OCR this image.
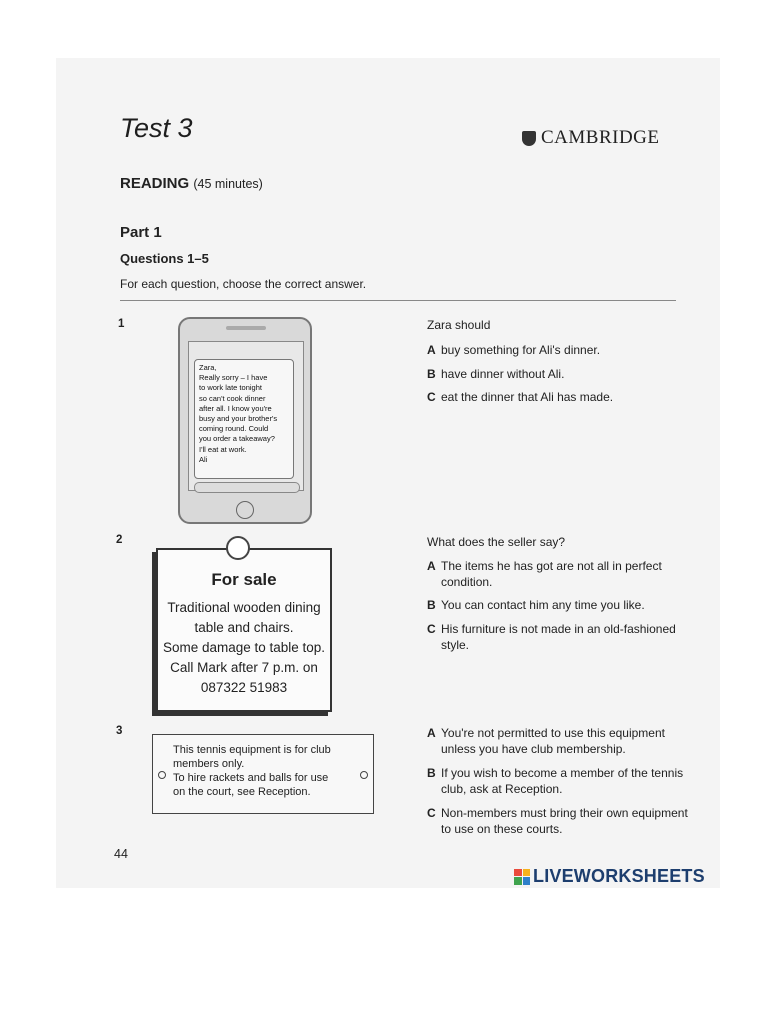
Test 3	CAMBRIDGE
READING (45 minutes)
Part 1
Questions 1–5
For each question, choose the correct answer.
1
Zara,
Really sorry – I have
to work late tonight
so can't cook dinner
after all. I know you're
busy and your brother's
coming round. Could
you order a takeaway?
I'll eat at work.
Ali
Zara should
A buy something for Ali's dinner.
B have dinner without Ali.
C eat the dinner that Ali has made.
2
For sale
Traditional wooden dining
table and chairs.
Some damage to table top.
Call Mark after 7 p.m. on
087322 51983
What does the seller say?
A The items he has got are not all in perfect condition.
B You can contact him any time you like.
C His furniture is not made in an old-fashioned style.
3
This tennis equipment is for club
members only.
To hire rackets and balls for use
on the court, see Reception.
A You're not permitted to use this equipment unless you have club membership.
B If you wish to become a member of the tennis club, ask at Reception.
C Non-members must bring their own equipment to use on these courts.
44
LIVEWORKSHEETS
